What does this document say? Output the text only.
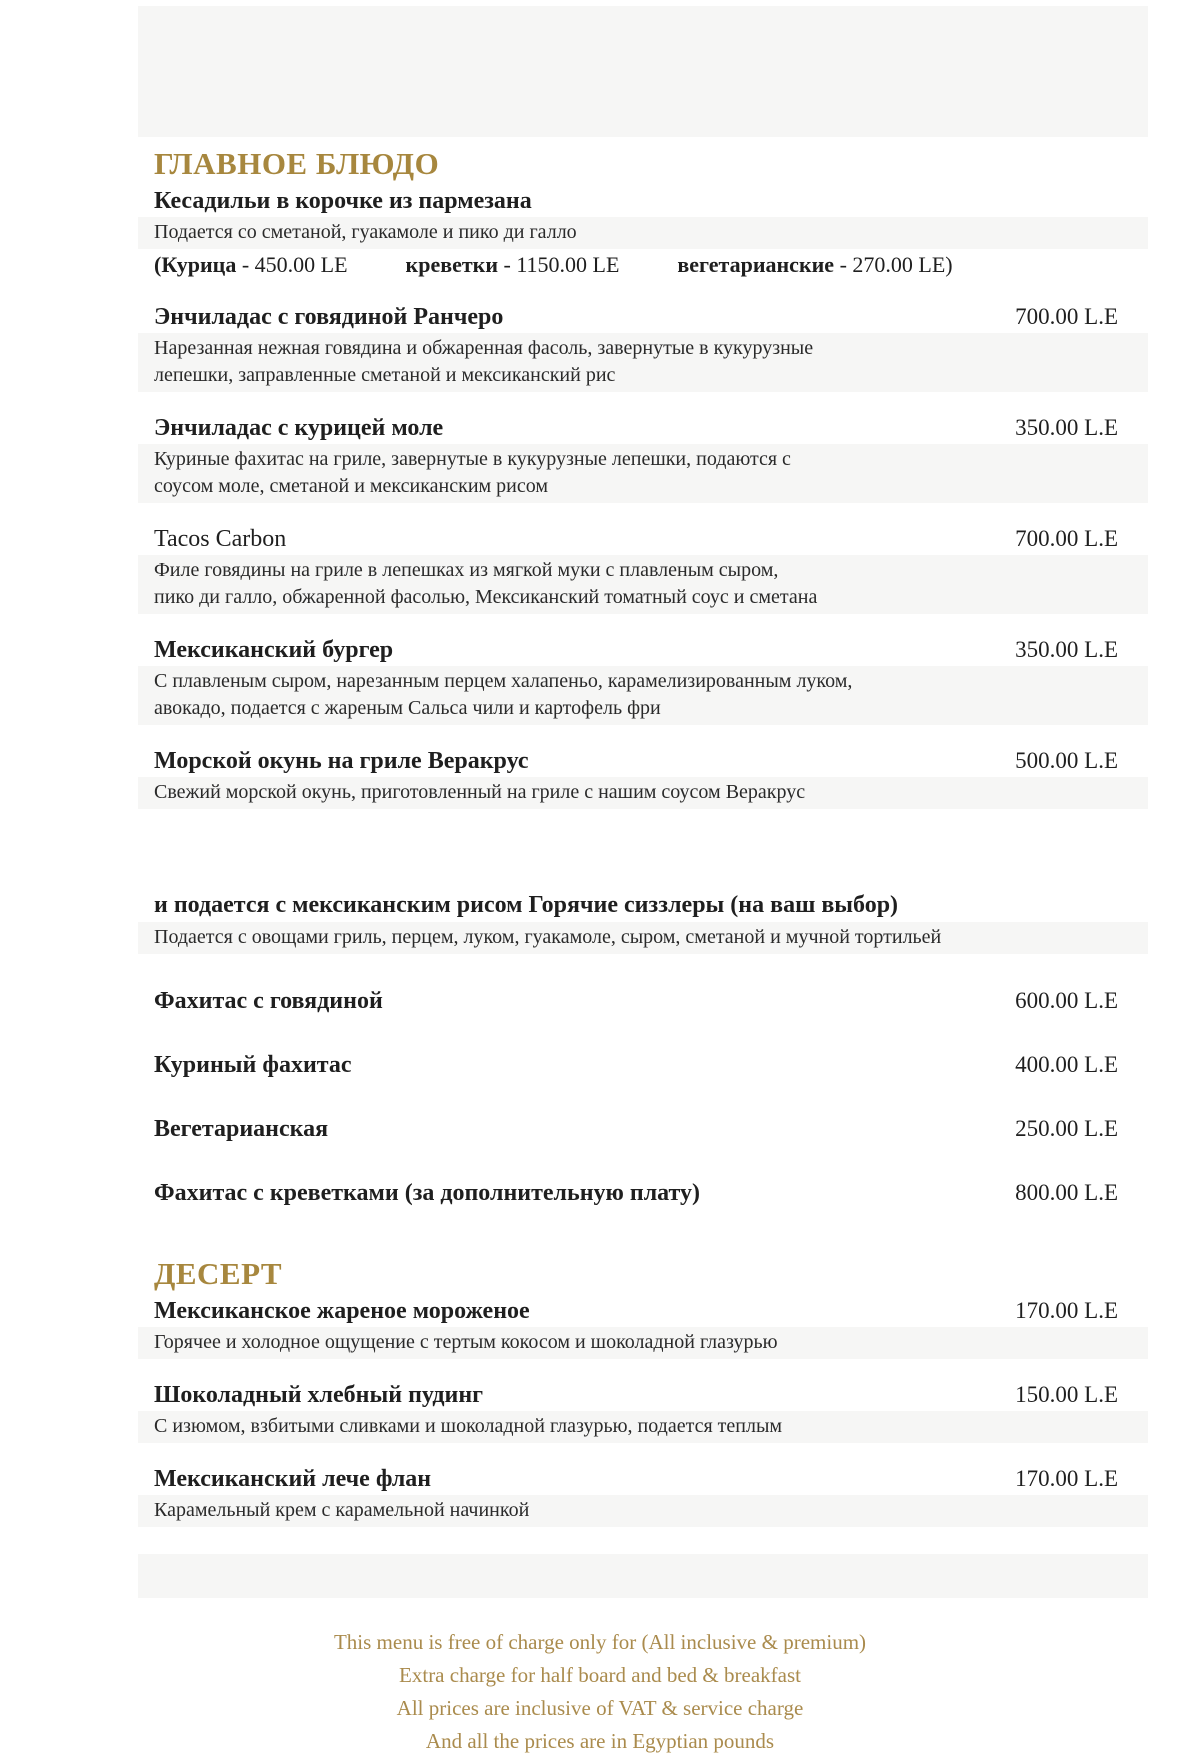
ГЛАВНОЕ БЛЮДО
Кесадильи в корочке из пармезана
Подается со сметаной, гуакамоле и пико ди галло
(Курица - 450.00 LE	креветки - 1150.00 LE	вегетарианские - 270.00 LE)
Энчиладас с говядиной Ранчеро	700.00 L.E
Нарезанная нежная говядина и обжаренная фасоль, завернутые в кукурузные
лепешки, заправленные сметаной и мексиканский рис
Энчиладас с курицей моле	350.00 L.E
Куриные фахитас на гриле, завернутые в кукурузные лепешки, подаются с
соусом моле, сметаной и мексиканским рисом
Tacos Carbon	700.00 L.E
Филе говядины на гриле в лепешках из мягкой муки с плавленым сыром,
пико ди галло, обжаренной фасолью, Мексиканский томатный соус и сметана
Мексиканский бургер	350.00 L.E
С плавленым сыром, нарезанным перцем халапеньо, карамелизированным луком,
авокадо, подается с жареным Сальса чили и картофель фри
Морской окунь на гриле Веракрус	500.00 L.E
Свежий морской окунь, приготовленный на гриле с нашим соусом Веракрус
и подается с мексиканским рисом Горячие сиззлеры (на ваш выбор)
Подается с овощами гриль, перцем, луком, гуакамоле, сыром, сметаной и мучной тортильей
Фахитас с говядиной	600.00 L.E
Куриный фахитас	400.00 L.E
Вегетарианская	250.00 L.E
Фахитас с креветками (за дополнительную плату)	800.00 L.E
ДЕСЕРТ
Мексиканское жареное мороженое	170.00 L.E
Горячее и холодное ощущение с тертым кокосом и шоколадной глазурью
Шоколадный хлебный пудинг	150.00 L.E
С изюмом, взбитыми сливками и шоколадной глазурью, подается теплым
Мексиканский лече флан	170.00 L.E
Карамельный крем с карамельной начинкой
This menu is free of charge only for (All inclusive & premium)
Extra charge for half board and bed & breakfast
All prices are inclusive of VAT & service charge
And all the prices are in Egyptian pounds
